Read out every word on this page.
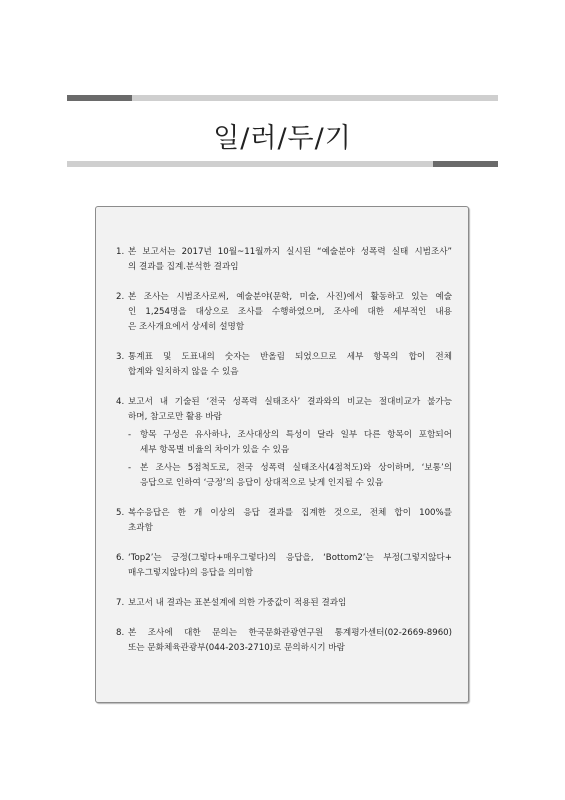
일/러/두/기
1. 본 보고서는 2017년 10월~11월까지 실시된 “예술분야 성폭력 실태 시범조사”
의 결과를 집계.분석한 결과임
2. 본 조사는 시범조사로써, 예술분야(문학, 미술, 사진)에서 활동하고 있는 예술
인 1,254명을 대상으로 조사를 수행하였으며, 조사에 대한 세부적인 내용
은 조사개요에서 상세히 설명함
3. 통계표 및 도표내의 숫자는 반올림 되었으므로 세부 항목의 합이 전체
합계와 일치하지 않을 수 있음
4. 보고서 내 기술된 ‘전국 성폭력 실태조사’ 결과와의 비교는 절대비교가 불가능
하며, 참고로만 활용 바람
- 항목 구성은 유사하나, 조사대상의 특성이 달라 일부 다른 항목이 포함되어
세부 항목별 비율의 차이가 있을 수 있음
- 본 조사는 5점척도로, 전국 성폭력 실태조사(4점척도)와 상이하며, ‘보통’의
응답으로 인하여 ‘긍정’의 응답이 상대적으로 낮게 인지될 수 있음
5. 복수응답은 한 개 이상의 응답 결과를 집계한 것으로, 전체 합이 100%를
초과함
6. ‘Top2’는 긍정(그렇다+매우그렇다)의 응답을, ‘Bottom2’는 부정(그렇지않다+
매우그렇지않다)의 응답을 의미함
7. 보고서 내 결과는 표본설계에 의한 가중값이 적용된 결과임
8. 본 조사에 대한 문의는 한국문화관광연구원 통계평가센터(02-2669-8960)
또는 문화체육관광부(044-203-2710)로 문의하시기 바람
